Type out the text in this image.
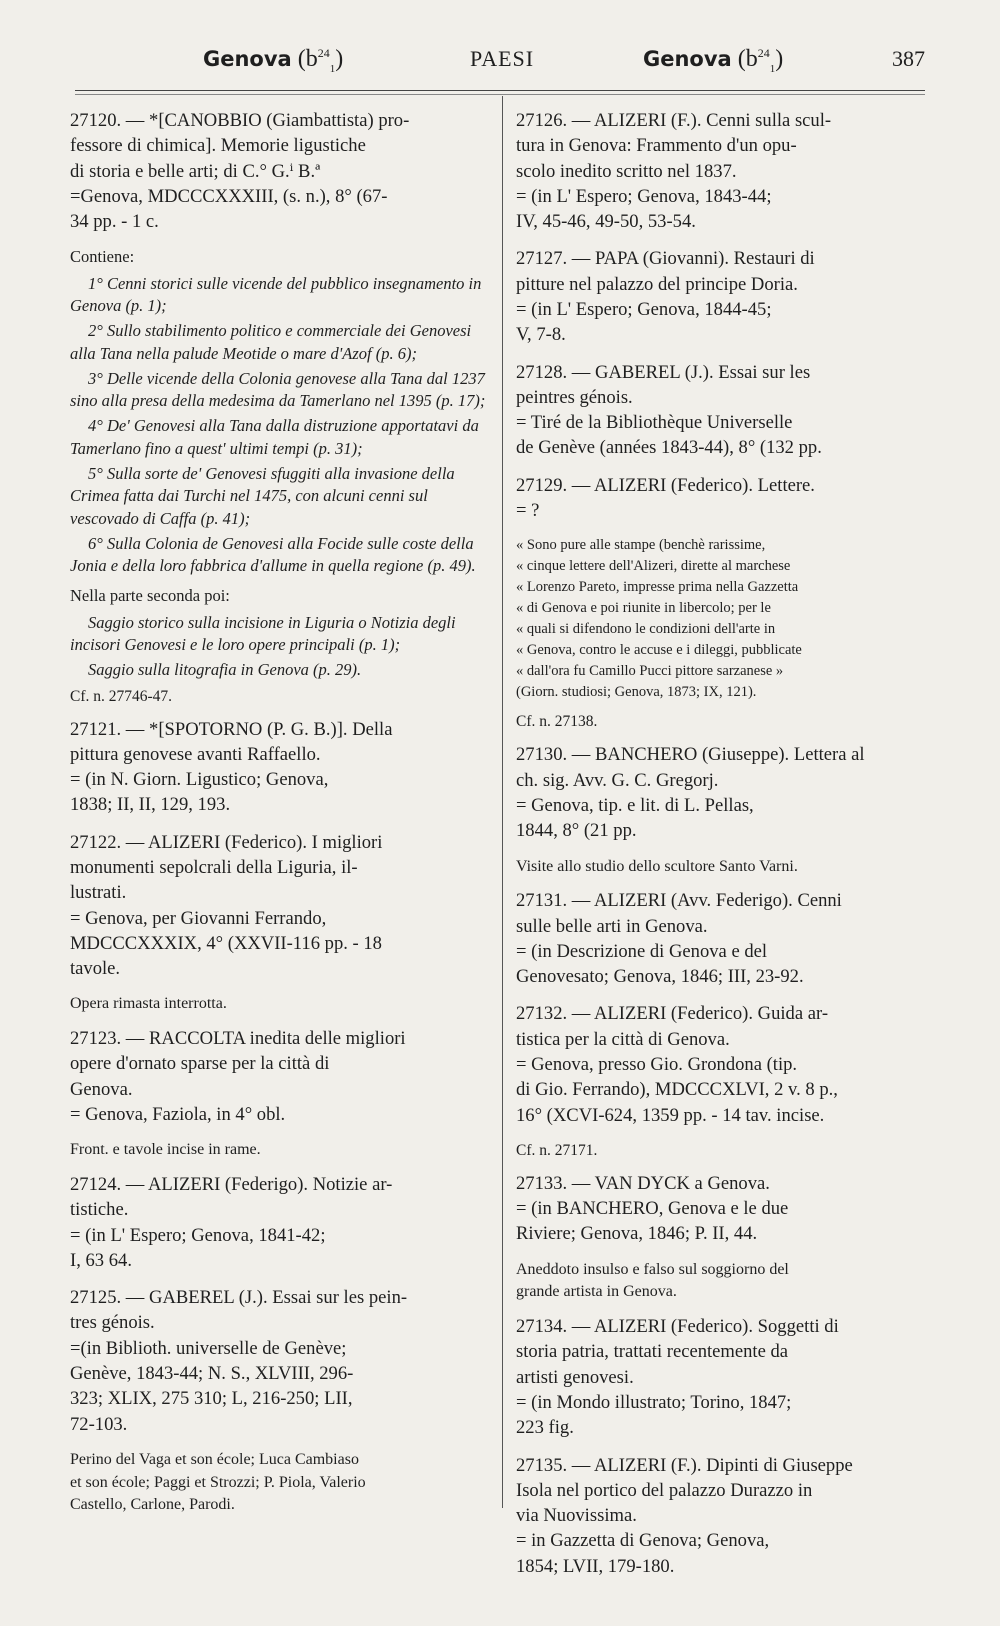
Genova $(b^{24}_1)$	PAESI	Genova $(b^{24}_1)$	387
27120. — *[CANOBBIO (Giambattista) pro-
fessore di chimica]. Memorie ligustiche
di storia e belle arti; di C.° G.ⁱ B.ª
=Genova, MDCCCXXXIII, (s. n.), 8° (67-
34 pp. - 1 c.
Contiene:
1° Cenni storici sulle vicende del pubblico insegnamento in Genova (p. 1);
2° Sullo stabilimento politico e commerciale dei Genovesi alla Tana nella palude Meotide o mare d'Azof (p. 6);
3° Delle vicende della Colonia genovese alla Tana dal 1237 sino alla presa della medesima da Tamerlano nel 1395 (p. 17);
4° De' Genovesi alla Tana dalla distruzione apportatavi da Tamerlano fino a quest' ultimi tempi (p. 31);
5° Sulla sorte de' Genovesi sfuggiti alla invasione della Crimea fatta dai Turchi nel 1475, con alcuni cenni sul vescovado di Caffa (p. 41);
6° Sulla Colonia de Genovesi alla Focide sulle coste della Jonia e della loro fabbrica d'allume in quella regione (p. 49).
Nella parte seconda poi:
Saggio storico sulla incisione in Liguria o Notizia degli incisori Genovesi e le loro opere principali (p. 1);
Saggio sulla litografia in Genova (p. 29).
Cf. n. 27746-47.
27121. — *[SPOTORNO (P. G. B.)]. Della
pittura genovese avanti Raffaello.
= (in N. Giorn. Ligustico; Genova,
1838; II, II, 129, 193.
27122. — ALIZERI (Federico). I migliori
monumenti sepolcrali della Liguria, il-
lustrati.
= Genova, per Giovanni Ferrando,
MDCCCXXXIX, 4° (XXVII-116 pp. - 18
tavole.
Opera rimasta interrotta.
27123. — RACCOLTA inedita delle migliori
opere d'ornato sparse per la città di
Genova.
= Genova, Faziola, in 4° obl.
Front. e tavole incise in rame.
27124. — ALIZERI (Federigo). Notizie ar-
tistiche.
= (in L' Espero; Genova, 1841-42;
I, 63 64.
27125. — GABEREL (J.). Essai sur les pein-
tres génois.
=(in Biblioth. universelle de Genève;
Genève, 1843-44; N. S., XLVIII, 296-
323; XLIX, 275 310; L, 216-250; LII,
72-103.
Perino del Vaga et son école; Luca Cambiaso
et son école; Paggi et Strozzi; P. Piola, Valerio
Castello, Carlone, Parodi.
27126. — ALIZERI (F.). Cenni sulla scul-
tura in Genova: Frammento d'un opu-
scolo inedito scritto nel 1837.
= (in L' Espero; Genova, 1843-44;
IV, 45-46, 49-50, 53-54.
27127. — PAPA (Giovanni). Restauri di
pitture nel palazzo del principe Doria.
= (in L' Espero; Genova, 1844-45;
V, 7-8.
27128. — GABEREL (J.). Essai sur les
peintres génois.
= Tiré de la Bibliothèque Universelle
de Genève (années 1843-44), 8° (132 pp.
27129. — ALIZERI (Federico). Lettere.
= ?
« Sono pure alle stampe (benchè rarissime,
« cinque lettere dell'Alizeri, dirette al marchese
« Lorenzo Pareto, impresse prima nella Gazzetta
« di Genova e poi riunite in libercolo; per le
« quali si difendono le condizioni dell'arte in
« Genova, contro le accuse e i dileggi, pubblicate
« dall'ora fu Camillo Pucci pittore sarzanese »
(Giorn. studiosi; Genova, 1873; IX, 121).
Cf. n. 27138.
27130. — BANCHERO (Giuseppe). Lettera al
ch. sig. Avv. G. C. Gregorj.
= Genova, tip. e lit. di L. Pellas,
1844, 8° (21 pp.
Visite allo studio dello scultore Santo Varni.
27131. — ALIZERI (Avv. Federigo). Cenni
sulle belle arti in Genova.
= (in Descrizione di Genova e del
Genovesato; Genova, 1846; III, 23-92.
27132. — ALIZERI (Federico). Guida ar-
tistica per la città di Genova.
= Genova, presso Gio. Grondona (tip.
di Gio. Ferrando), MDCCCXLVI, 2 v. 8 p.,
16° (XCVI-624, 1359 pp. - 14 tav. incise.
Cf. n. 27171.
27133. — VAN DYCK a Genova.
= (in BANCHERO, Genova e le due
Riviere; Genova, 1846; P. II, 44.
Aneddoto insulso e falso sul soggiorno del
grande artista in Genova.
27134. — ALIZERI (Federico). Soggetti di
storia patria, trattati recentemente da
artisti genovesi.
= (in Mondo illustrato; Torino, 1847;
223 fig.
27135. — ALIZERI (F.). Dipinti di Giuseppe
Isola nel portico del palazzo Durazzo in
via Nuovissima.
= in Gazzetta di Genova; Genova,
1854; LVII, 179-180.
